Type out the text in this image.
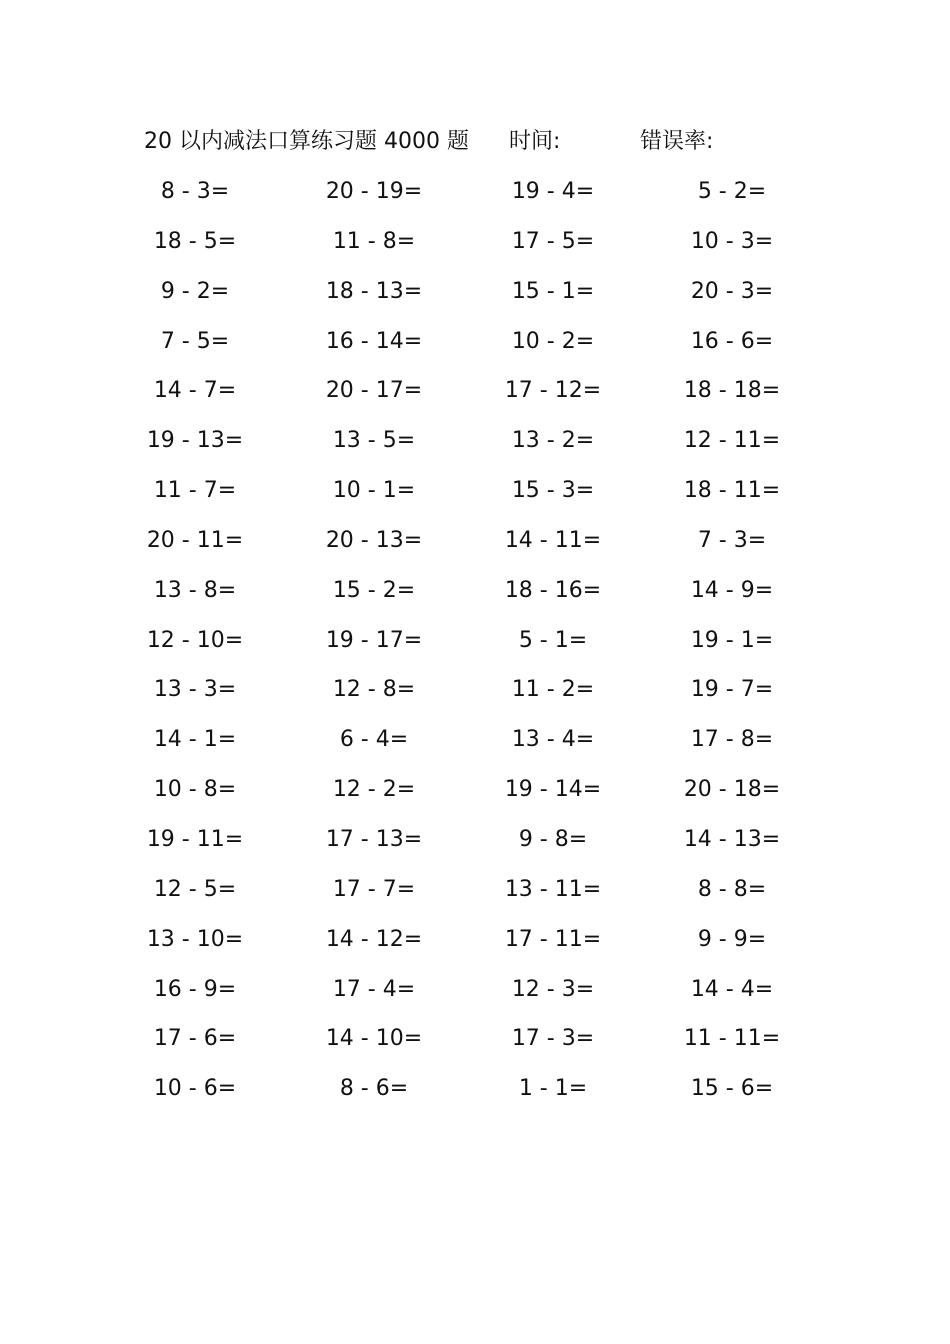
20 以内减法口算练习题 4000 题 时间:	错误率:
8 - 3=	20 - 19=	19 - 4=	5 - 2=
18 - 5=	11 - 8=	17 - 5=	10 - 3=
9 - 2=	18 - 13=	15 - 1=	20 - 3=
7 - 5=	16 - 14=	10 - 2=	16 - 6=
14 - 7=	20 - 17=	17 - 12=	18 - 18=
19 - 13=	13 - 5=	13 - 2=	12 - 11=
11 - 7=	10 - 1=	15 - 3=	18 - 11=
20 - 11=	20 - 13=	14 - 11=	7 - 3=
13 - 8=	15 - 2=	18 - 16=	14 - 9=
12 - 10=	19 - 17=	5 - 1=	19 - 1=
13 - 3=	12 - 8=	11 - 2=	19 - 7=
14 - 1=	6 - 4=	13 - 4=	17 - 8=
10 - 8=	12 - 2=	19 - 14=	20 - 18=
19 - 11=	17 - 13=	9 - 8=	14 - 13=
12 - 5=	17 - 7=	13 - 11=	8 - 8=
13 - 10=	14 - 12=	17 - 11=	9 - 9=
16 - 9=	17 - 4=	12 - 3=	14 - 4=
17 - 6=	14 - 10=	17 - 3=	11 - 11=
10 - 6=	8 - 6=	1 - 1=	15 - 6=
